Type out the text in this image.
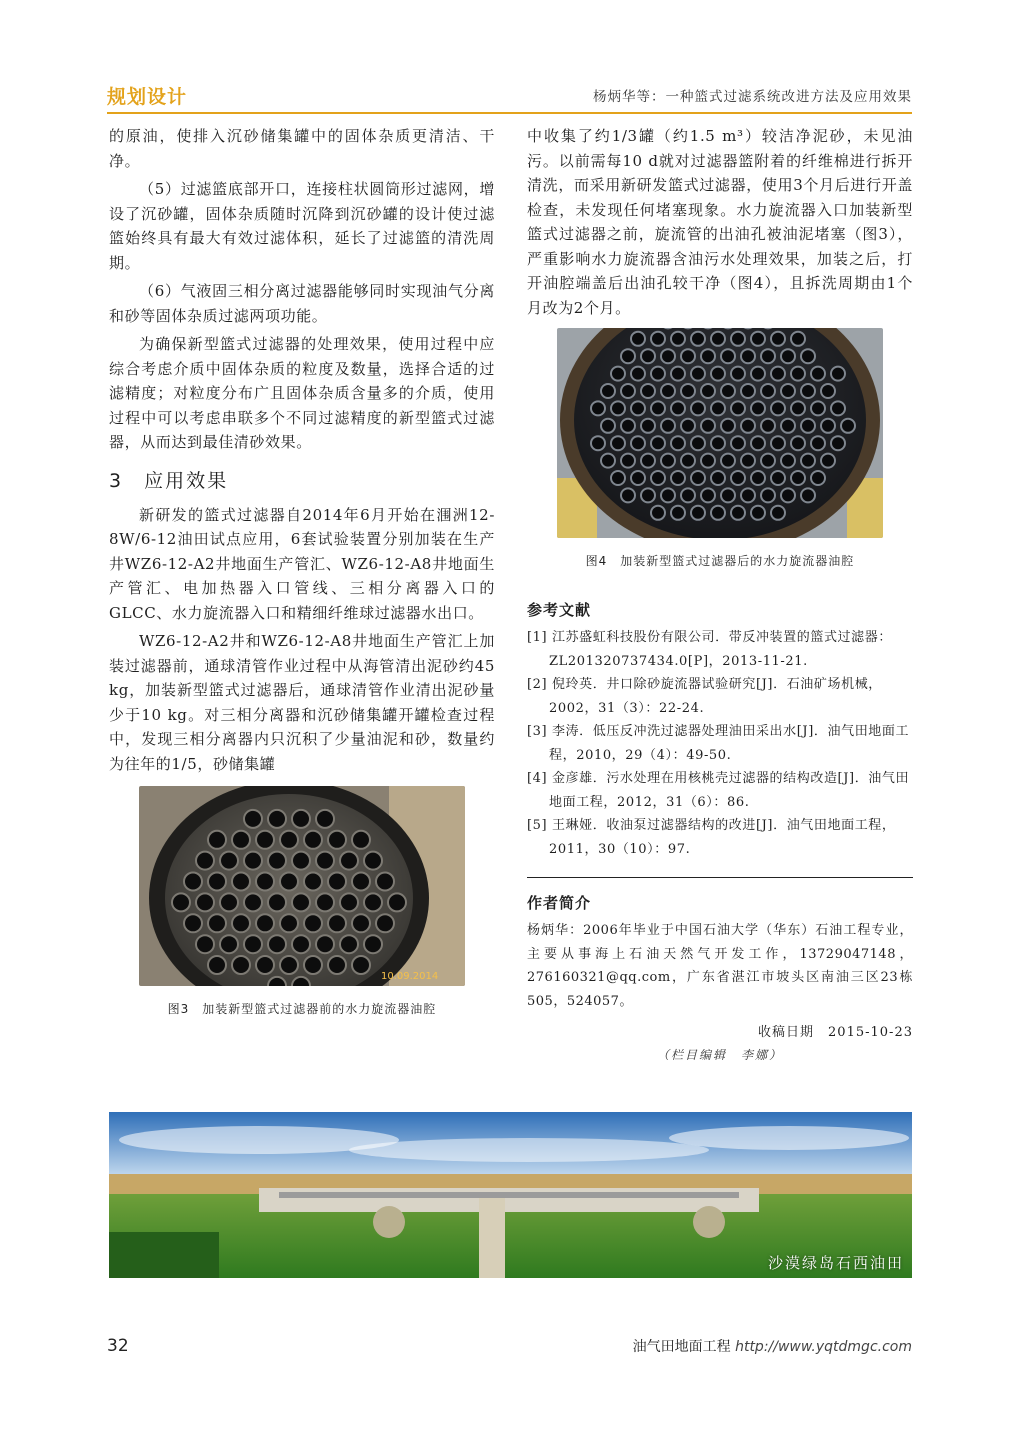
规划设计	杨炳华等：一种篮式过滤系统改进方法及应用效果

的原油，使排入沉砂储集罐中的固体杂质更清洁、干净。

（5）过滤篮底部开口，连接柱状圆筒形过滤网，增设了沉砂罐，固体杂质随时沉降到沉砂罐的设计使过滤篮始终具有最大有效过滤体积，延长了过滤篮的清洗周期。

（6）气液固三相分离过滤器能够同时实现油气分离和砂等固体杂质过滤两项功能。

为确保新型篮式过滤器的处理效果，使用过程中应综合考虑介质中固体杂质的粒度及数量，选择合适的过滤精度；对粒度分布广且固体杂质含量多的介质，使用过程中可以考虑串联多个不同过滤精度的新型篮式过滤器，从而达到最佳清砂效果。

3　应用效果

新研发的篮式过滤器自2014年6月开始在涠洲12-8W/6-12油田试点应用，6套试验装置分别加装在生产井WZ6-12-A2井地面生产管汇、WZ6-12-A8井地面生产管汇、电加热器入口管线、三相分离器入口的GLCC、水力旋流器入口和精细纤维球过滤器水出口。

WZ6-12-A2井和WZ6-12-A8井地面生产管汇上加装过滤器前，通球清管作业过程中从海管清出泥砂约45 kg，加装新型篮式过滤器后，通球清管作业清出泥砂量少于10 kg。对三相分离器和沉砂储集罐开罐检查过程中，发现三相分离器内只沉积了少量油泥和砂，数量约为往年的1/5，砂储集罐

10.09.2014
图3　加装新型篮式过滤器前的水力旋流器油腔

中收集了约1/3罐（约1.5 m³）较洁净泥砂，未见油污。以前需每10 d就对过滤器篮附着的纤维棉进行拆开清洗，而采用新研发篮式过滤器，使用3个月后进行开盖检查，未发现任何堵塞现象。水力旋流器入口加装新型篮式过滤器之前，旋流管的出油孔被油泥堵塞（图3），严重影响水力旋流器含油污水处理效果，加装之后，打开油腔端盖后出油孔较干净（图4），且拆洗周期由1个月改为2个月。

图4　加装新型篮式过滤器后的水力旋流器油腔
参考文献

[1] 江苏盛虹科技股份有限公司．带反冲装置的篮式过滤器：ZL201320737434.0[P]，2013-11-21.

[2] 倪玲英．井口除砂旋流器试验研究[J]．石油矿场机械，2002，31（3）：22-24.

[3] 李涛．低压反冲洗过滤器处理油田采出水[J]．油气田地面工程，2010，29（4）：49-50.

[4] 金彦雄．污水处理在用核桃壳过滤器的结构改造[J]．油气田地面工程，2012，31（6）：86.

[5] 王琳娅．收油泵过滤器结构的改进[J]．油气田地面工程，2011，30（10）：97.

作者简介

杨炳华：2006年毕业于中国石油大学（华东）石油工程专业，主要从事海上石油天然气开发工作，13729047148，276160321@qq.com，广东省湛江市坡头区南油三区23栋505，524057。

收稿日期　2015-10-23
（栏目编辑　李娜）
沙漠绿岛石西油田
32	油气田地面工程 http://www.yqtdmgc.com
